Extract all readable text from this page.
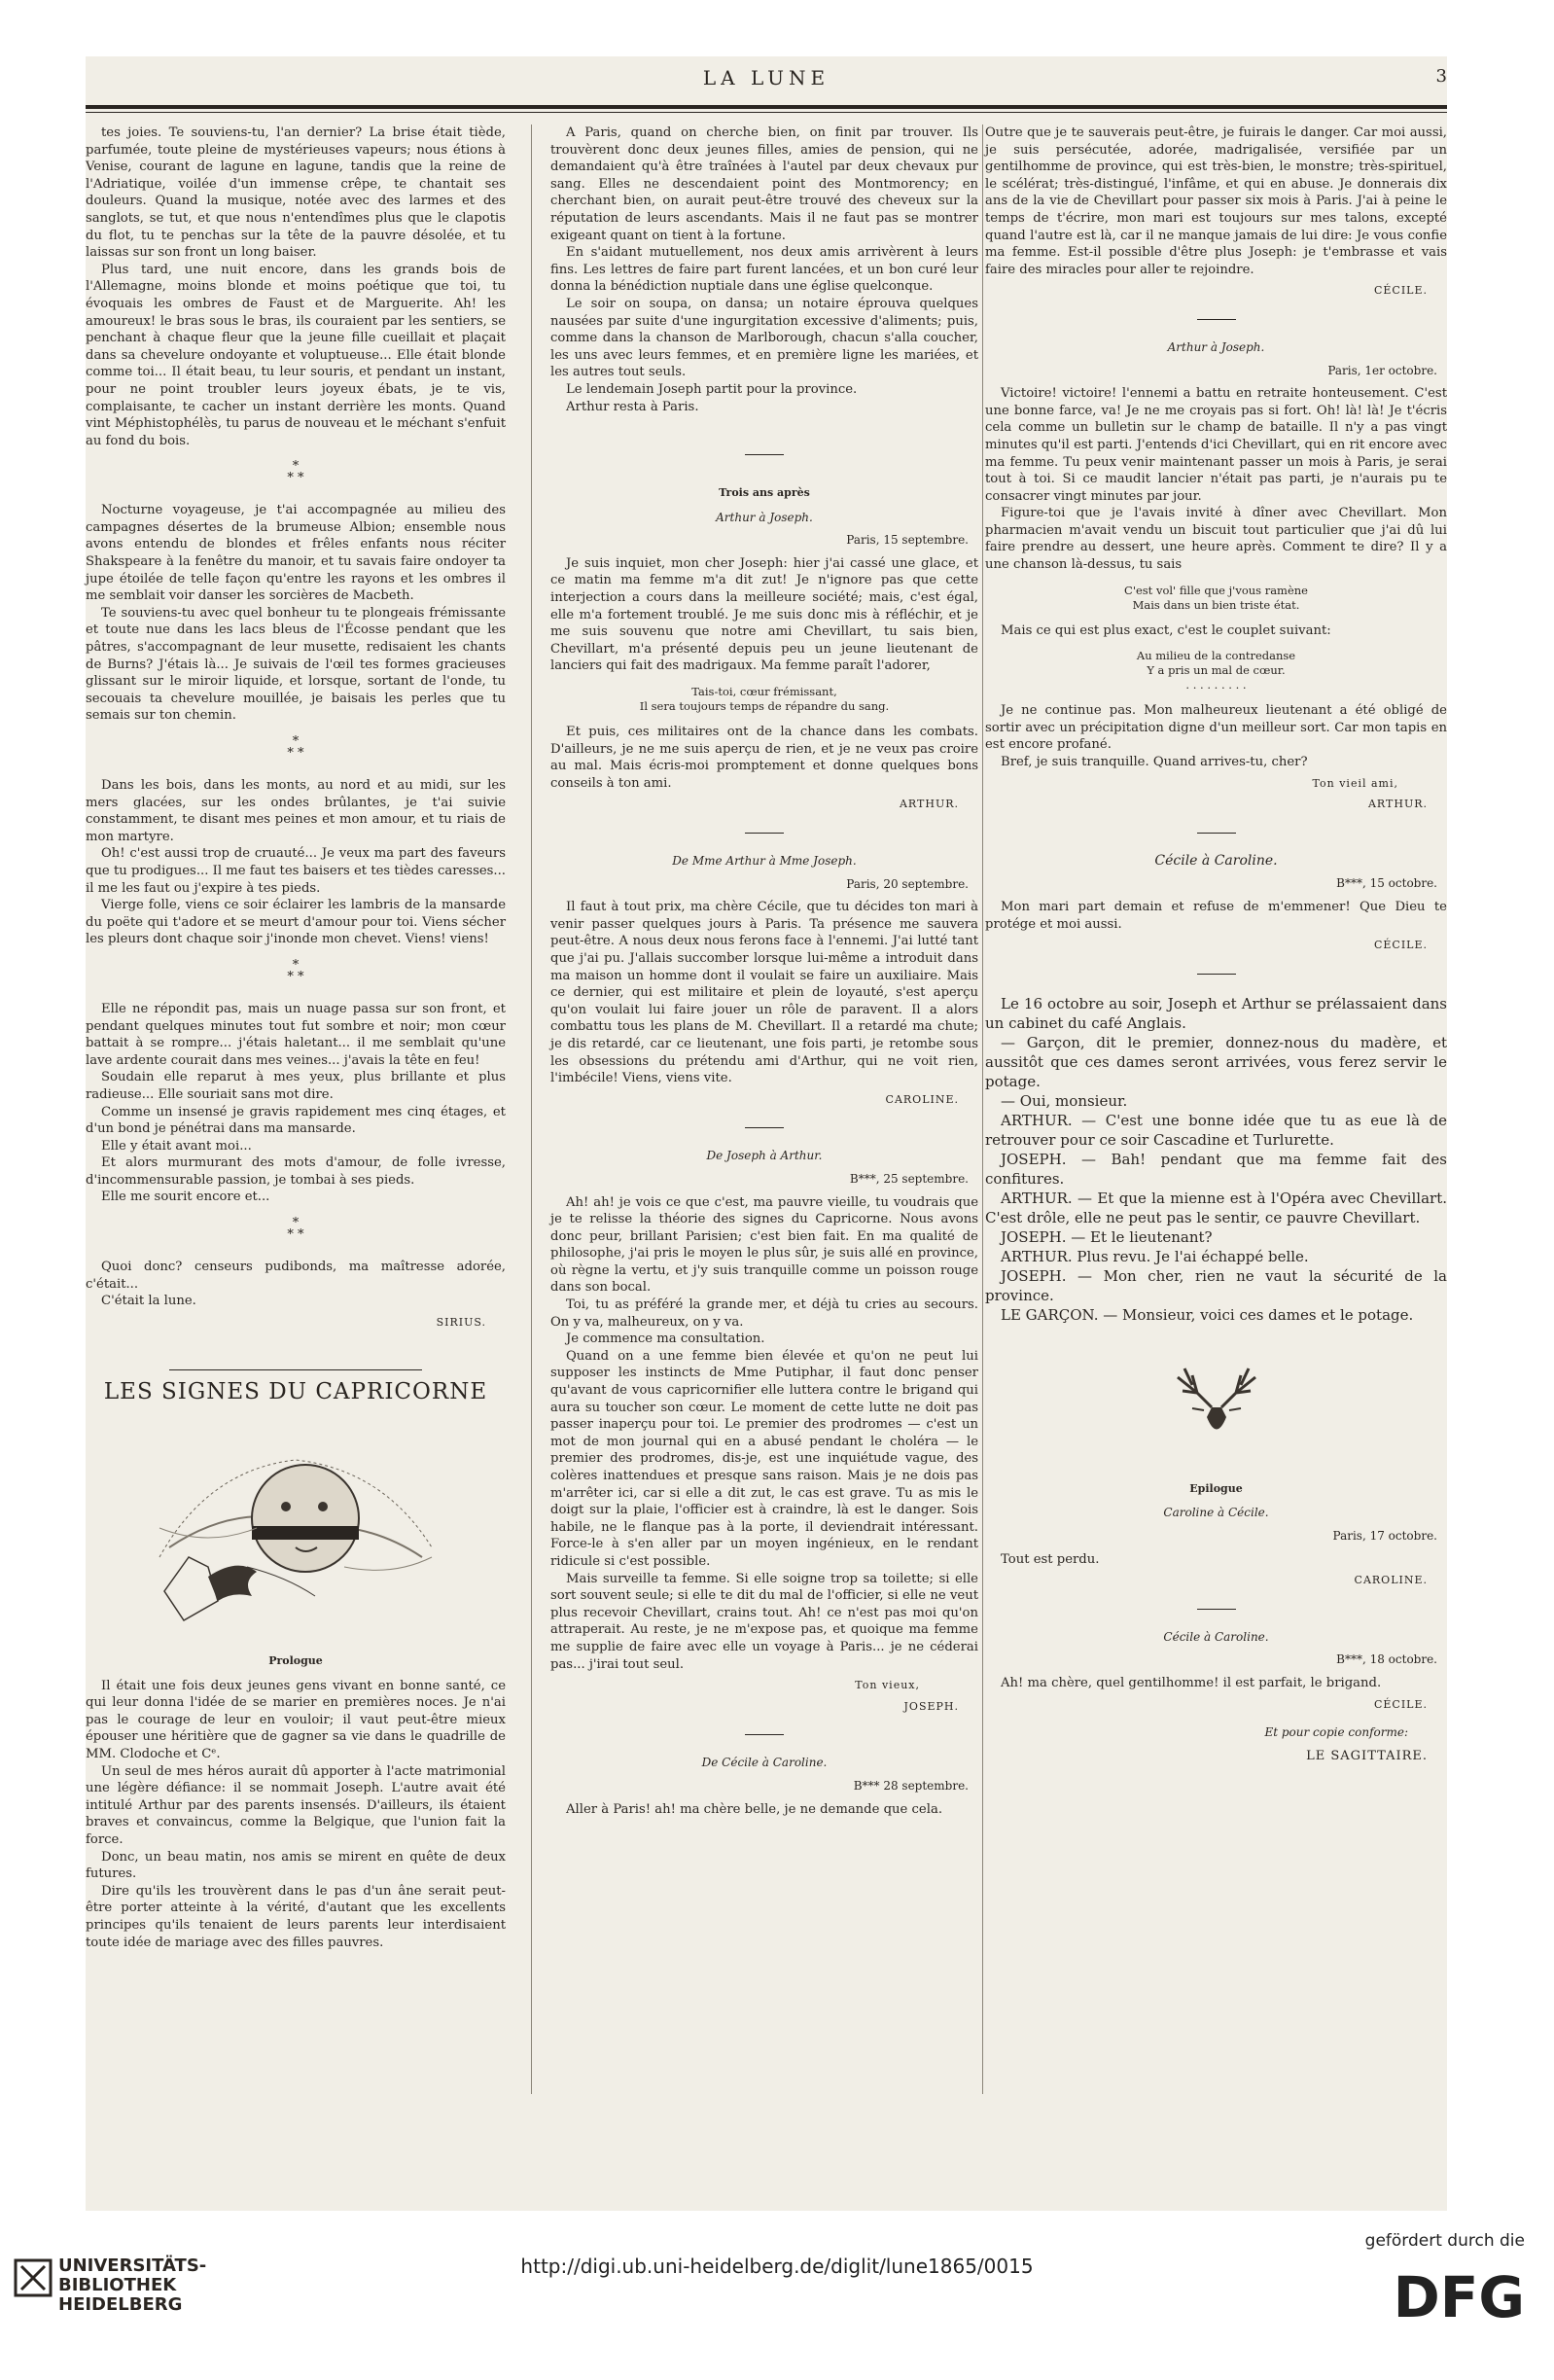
LA LUNE	3

tes joies. Te souviens-tu, l'an dernier? La brise était tiède, parfumée, toute pleine de mystérieuses vapeurs; nous étions à Venise, courant de lagune en lagune, tandis que la reine de l'Adriatique, voilée d'un immense crêpe, te chantait ses douleurs. Quand la musique, notée avec des larmes et des sanglots, se tut, et que nous n'entendîmes plus que le clapotis du flot, tu te penchas sur la tête de la pauvre désolée, et tu laissas sur son front un long baiser.

Plus tard, une nuit encore, dans les grands bois de l'Allemagne, moins blonde et moins poétique que toi, tu évoquais les ombres de Faust et de Marguerite. Ah! les amoureux! le bras sous le bras, ils couraient par les sentiers, se penchant à chaque fleur que la jeune fille cueillait et plaçait dans sa chevelure ondoyante et voluptueuse... Elle était blonde comme toi... Il était beau, tu leur souris, et pendant un instant, pour ne point troubler leurs joyeux ébats, je te vis, complaisante, te cacher un instant derrière les monts. Quand vint Méphistophélès, tu parus de nouveau et le méchant s'enfuit au fond du bois.

*
* *

Nocturne voyageuse, je t'ai accompagnée au milieu des campagnes désertes de la brumeuse Albion; ensemble nous avons entendu de blondes et frêles enfants nous réciter Shakspeare à la fenêtre du manoir, et tu savais faire ondoyer ta jupe étoilée de telle façon qu'entre les rayons et les ombres il me semblait voir danser les sorcières de Macbeth.

Te souviens-tu avec quel bonheur tu te plongeais frémissante et toute nue dans les lacs bleus de l'Écosse pendant que les pâtres, s'accompagnant de leur musette, redisaient les chants de Burns? J'étais là... Je suivais de l'œil tes formes gracieuses glissant sur le miroir liquide, et lorsque, sortant de l'onde, tu secouais ta chevelure mouillée, je baisais les perles que tu semais sur ton chemin.

*
* *

Dans les bois, dans les monts, au nord et au midi, sur les mers glacées, sur les ondes brûlantes, je t'ai suivie constamment, te disant mes peines et mon amour, et tu riais de mon martyre.

Oh! c'est aussi trop de cruauté... Je veux ma part des faveurs que tu prodigues... Il me faut tes baisers et tes tièdes caresses... il me les faut ou j'expire à tes pieds.

Vierge folle, viens ce soir éclairer les lambris de la mansarde du poëte qui t'adore et se meurt d'amour pour toi. Viens sécher les pleurs dont chaque soir j'inonde mon chevet. Viens! viens!

*
* *

Elle ne répondit pas, mais un nuage passa sur son front, et pendant quelques minutes tout fut sombre et noir; mon cœur battait à se rompre... j'étais haletant... il me semblait qu'une lave ardente courait dans mes veines... j'avais la tête en feu!

Soudain elle reparut à mes yeux, plus brillante et plus radieuse... Elle souriait sans mot dire.

Comme un insensé je gravis rapidement mes cinq étages, et d'un bond je pénétrai dans ma mansarde.

Elle y était avant moi...

Et alors murmurant des mots d'amour, de folle ivresse, d'incommensurable passion, je tombai à ses pieds.

Elle me sourit encore et...

*
* *

Quoi donc? censeurs pudibonds, ma maîtresse adorée, c'était...

C'était la lune.

SIRIUS.
LES SIGNES DU CAPRICORNE
Prologue

Il était une fois deux jeunes gens vivant en bonne santé, ce qui leur donna l'idée de se marier en premières noces. Je n'ai pas le courage de leur en vouloir; il vaut peut-être mieux épouser une héritière que de gagner sa vie dans le quadrille de MM. Clodoche et Cᵉ.

Un seul de mes héros aurait dû apporter à l'acte matrimonial une légère défiance: il se nommait Joseph. L'autre avait été intitulé Arthur par des parents insensés. D'ailleurs, ils étaient braves et convaincus, comme la Belgique, que l'union fait la force.

Donc, un beau matin, nos amis se mirent en quête de deux futures.

Dire qu'ils les trouvèrent dans le pas d'un âne serait peut-être porter atteinte à la vérité, d'autant que les excellents principes qu'ils tenaient de leurs parents leur interdisaient toute idée de mariage avec des filles pauvres.

A Paris, quand on cherche bien, on finit par trouver. Ils trouvèrent donc deux jeunes filles, amies de pension, qui ne demandaient qu'à être traînées à l'autel par deux chevaux pur sang. Elles ne descendaient point des Montmorency; en cherchant bien, on aurait peut-être trouvé des cheveux sur la réputation de leurs ascendants. Mais il ne faut pas se montrer exigeant quant on tient à la fortune.

En s'aidant mutuellement, nos deux amis arrivèrent à leurs fins. Les lettres de faire part furent lancées, et un bon curé leur donna la bénédiction nuptiale dans une église quelconque.

Le soir on soupa, on dansa; un notaire éprouva quelques nausées par suite d'une ingurgitation excessive d'aliments; puis, comme dans la chanson de Marlborough, chacun s'alla coucher, les uns avec leurs femmes, et en première ligne les mariées, et les autres tout seuls.

Le lendemain Joseph partit pour la province.

Arthur resta à Paris.

Trois ans après
Arthur à Joseph.
Paris, 15 septembre.

Je suis inquiet, mon cher Joseph: hier j'ai cassé une glace, et ce matin ma femme m'a dit zut! Je n'ignore pas que cette interjection a cours dans la meilleure société; mais, c'est égal, elle m'a fortement troublé. Je me suis donc mis à réfléchir, et je me suis souvenu que notre ami Chevillart, tu sais bien, Chevillart, m'a présenté depuis peu un jeune lieutenant de lanciers qui fait des madrigaux. Ma femme paraît l'adorer,

Tais-toi, cœur frémissant,
Il sera toujours temps de répandre du sang.

Et puis, ces militaires ont de la chance dans les combats. D'ailleurs, je ne me suis aperçu de rien, et je ne veux pas croire au mal. Mais écris-moi promptement et donne quelques bons conseils à ton ami.

ARTHUR.
De Mme Arthur à Mme Joseph.
Paris, 20 septembre.

Il faut à tout prix, ma chère Cécile, que tu décides ton mari à venir passer quelques jours à Paris. Ta présence me sauvera peut-être. A nous deux nous ferons face à l'ennemi. J'ai lutté tant que j'ai pu. J'allais succomber lorsque lui-même a introduit dans ma maison un homme dont il voulait se faire un auxiliaire. Mais ce dernier, qui est militaire et plein de loyauté, s'est aperçu qu'on voulait lui faire jouer un rôle de paravent. Il a alors combattu tous les plans de M. Chevillart. Il a retardé ma chute; je dis retardé, car ce lieutenant, une fois parti, je retombe sous les obsessions du prétendu ami d'Arthur, qui ne voit rien, l'imbécile! Viens, viens vite.

CAROLINE.
De Joseph à Arthur.
B***, 25 septembre.

Ah! ah! je vois ce que c'est, ma pauvre vieille, tu voudrais que je te relisse la théorie des signes du Capricorne. Nous avons donc peur, brillant Parisien; c'est bien fait. En ma qualité de philosophe, j'ai pris le moyen le plus sûr, je suis allé en province, où règne la vertu, et j'y suis tranquille comme un poisson rouge dans son bocal.

Toi, tu as préféré la grande mer, et déjà tu cries au secours. On y va, malheureux, on y va.

Je commence ma consultation.

Quand on a une femme bien élevée et qu'on ne peut lui supposer les instincts de Mme Putiphar, il faut donc penser qu'avant de vous capricornifier elle luttera contre le brigand qui aura su toucher son cœur. Le moment de cette lutte ne doit pas passer inaperçu pour toi. Le premier des prodromes — c'est un mot de mon journal qui en a abusé pendant le choléra — le premier des prodromes, dis-je, est une inquiétude vague, des colères inattendues et presque sans raison. Mais je ne dois pas m'arrêter ici, car si elle a dit zut, le cas est grave. Tu as mis le doigt sur la plaie, l'officier est à craindre, là est le danger. Sois habile, ne le flanque pas à la porte, il deviendrait intéressant. Force-le à s'en aller par un moyen ingénieux, en le rendant ridicule si c'est possible.

Mais surveille ta femme. Si elle soigne trop sa toilette; si elle sort souvent seule; si elle te dit du mal de l'officier, si elle ne veut plus recevoir Chevillart, crains tout. Ah! ce n'est pas moi qu'on attraperait. Au reste, je ne m'expose pas, et quoique ma femme me supplie de faire avec elle un voyage à Paris... je ne céderai pas... j'irai tout seul.

Ton vieux,
JOSEPH.
De Cécile à Caroline.
B*** 28 septembre.

Aller à Paris! ah! ma chère belle, je ne demande que cela.

Outre que je te sauverais peut-être, je fuirais le danger. Car moi aussi, je suis persécutée, adorée, madrigalisée, versifiée par un gentilhomme de province, qui est très-bien, le monstre; très-spirituel, le scélérat; très-distingué, l'infâme, et qui en abuse. Je donnerais dix ans de la vie de Chevillart pour passer six mois à Paris. J'ai à peine le temps de t'écrire, mon mari est toujours sur mes talons, excepté quand l'autre est là, car il ne manque jamais de lui dire: Je vous confie ma femme. Est-il possible d'être plus Joseph: je t'embrasse et vais faire des miracles pour aller te rejoindre.

CÉCILE.
Arthur à Joseph.
Paris, 1er octobre.

Victoire! victoire! l'ennemi a battu en retraite honteusement. C'est une bonne farce, va! Je ne me croyais pas si fort. Oh! là! là! Je t'écris cela comme un bulletin sur le champ de bataille. Il n'y a pas vingt minutes qu'il est parti. J'entends d'ici Chevillart, qui en rit encore avec ma femme. Tu peux venir maintenant passer un mois à Paris, je serai tout à toi. Si ce maudit lancier n'était pas parti, je n'aurais pu te consacrer vingt minutes par jour.

Figure-toi que je l'avais invité à dîner avec Chevillart. Mon pharmacien m'avait vendu un biscuit tout particulier que j'ai dû lui faire prendre au dessert, une heure après. Comment te dire? Il y a une chanson là-dessus, tu sais

C'est vol' fille que j'vous ramène
Mais dans un bien triste état.

Mais ce qui est plus exact, c'est le couplet suivant:

Au milieu de la contredanse
Y a pris un mal de cœur.
. . . . . . . . .

Je ne continue pas. Mon malheureux lieutenant a été obligé de sortir avec un précipitation digne d'un meilleur sort. Car mon tapis en est encore profané.

Bref, je suis tranquille. Quand arrives-tu, cher?

Ton vieil ami,
ARTHUR.
Cécile à Caroline.
B***, 15 octobre.

Mon mari part demain et refuse de m'emmener! Que Dieu te protége et moi aussi.

CÉCILE.

Le 16 octobre au soir, Joseph et Arthur se prélassaient dans un cabinet du café Anglais.

— Garçon, dit le premier, donnez-nous du madère, et aussitôt que ces dames seront arrivées, vous ferez servir le potage.

— Oui, monsieur.

ARTHUR. — C'est une bonne idée que tu as eue là de retrouver pour ce soir Cascadine et Turlurette.

JOSEPH. — Bah! pendant que ma femme fait des confitures.

ARTHUR. — Et que la mienne est à l'Opéra avec Chevillart. C'est drôle, elle ne peut pas le sentir, ce pauvre Chevillart.

JOSEPH. — Et le lieutenant?

ARTHUR. Plus revu. Je l'ai échappé belle.

JOSEPH. — Mon cher, rien ne vaut la sécurité de la province.

LE GARÇON. — Monsieur, voici ces dames et le potage.

Epilogue
Caroline à Cécile.
Paris, 17 octobre.

Tout est perdu.

CAROLINE.
Cécile à Caroline.
B***, 18 octobre.

Ah! ma chère, quel gentilhomme! il est parfait, le brigand.

CÉCILE.
Et pour copie conforme:
LE SAGITTAIRE.
UNIVERSITÄTS-
BIBLIOTHEK
HEIDELBERG
http://digi.ub.uni-heidelberg.de/diglit/lune1865/0015
gefördert durch die
DFG
